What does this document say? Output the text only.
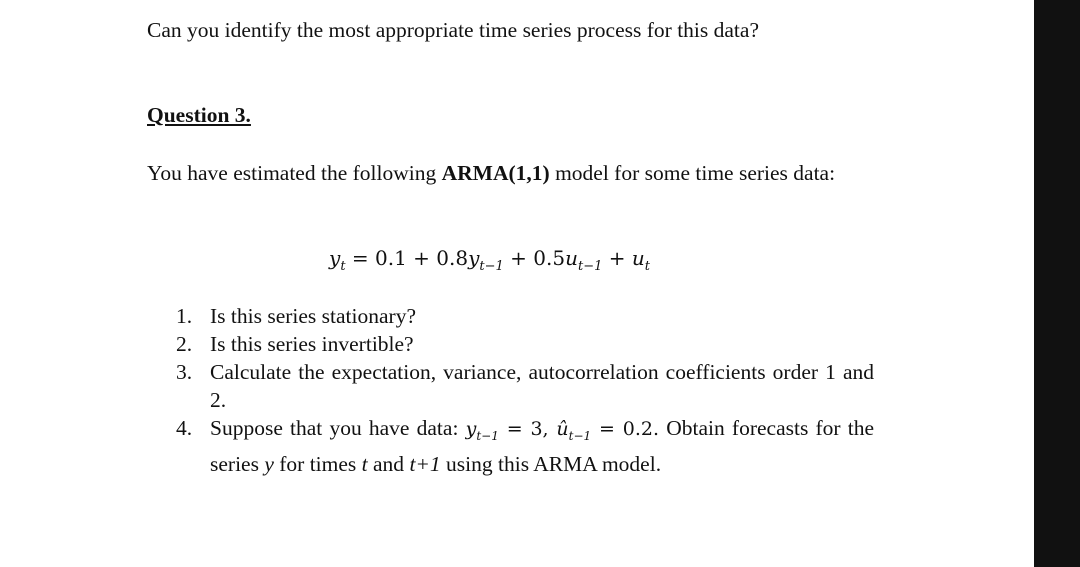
Can you identify the most appropriate time series process for this data?
Question 3.
You have estimated the following ARMA(1,1) model for some time series data:
$y_t = 0.1 + 0.8y_{t-1} + 0.5u_{t-1} + u_t$
1. Is this series stationary?
2. Is this series invertible?
3. Calculate the expectation, variance, autocorrelation coefficients order 1 and 2.
4. Suppose that you have data: $y_{t-1} = 3$, $û_{t-1} = 0.2$. Obtain forecasts for the series y for times t and t+1 using this ARMA model.
